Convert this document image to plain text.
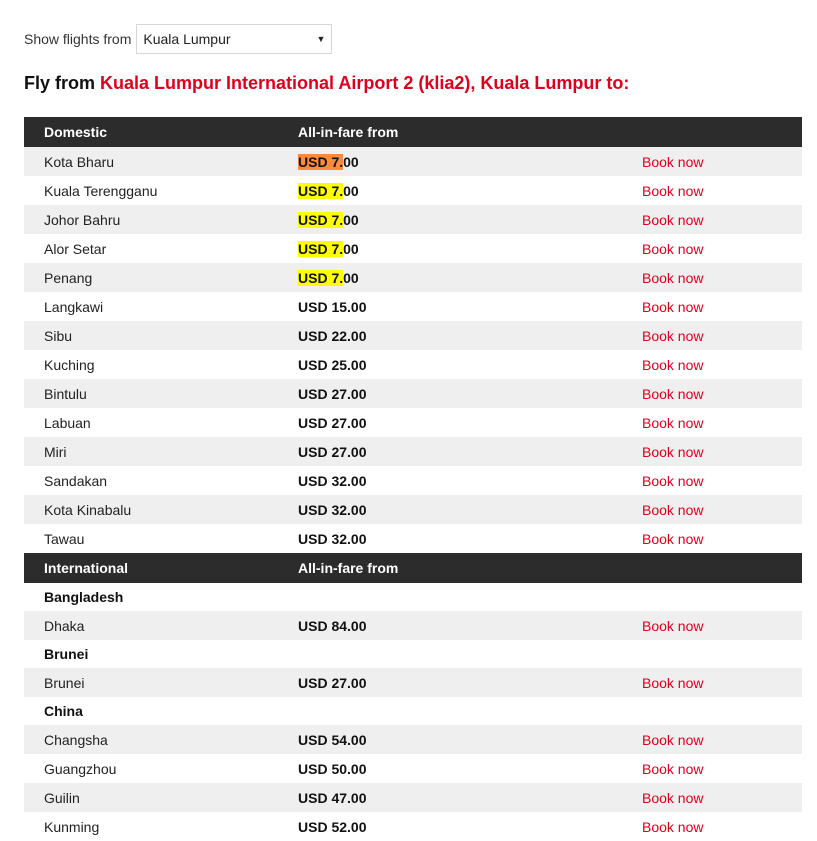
Show flights from Kuala Lumpur	▼
Fly from Kuala Lumpur International Airport 2 (klia2), Kuala Lumpur to:
Domestic	All-in-fare from
Kota Bharu	USD 7.00	Book now
Kuala Terengganu	USD 7.00	Book now
Johor Bahru	USD 7.00	Book now
Alor Setar	USD 7.00	Book now
Penang	USD 7.00	Book now
Langkawi	USD 15.00	Book now
Sibu	USD 22.00	Book now
Kuching	USD 25.00	Book now
Bintulu	USD 27.00	Book now
Labuan	USD 27.00	Book now
Miri	USD 27.00	Book now
Sandakan	USD 32.00	Book now
Kota Kinabalu	USD 32.00	Book now
Tawau	USD 32.00	Book now
International	All-in-fare from
Bangladesh
Dhaka	USD 84.00	Book now
Brunei
Brunei	USD 27.00	Book now
China
Changsha	USD 54.00	Book now
Guangzhou	USD 50.00	Book now
Guilin	USD 47.00	Book now
Kunming	USD 52.00	Book now
